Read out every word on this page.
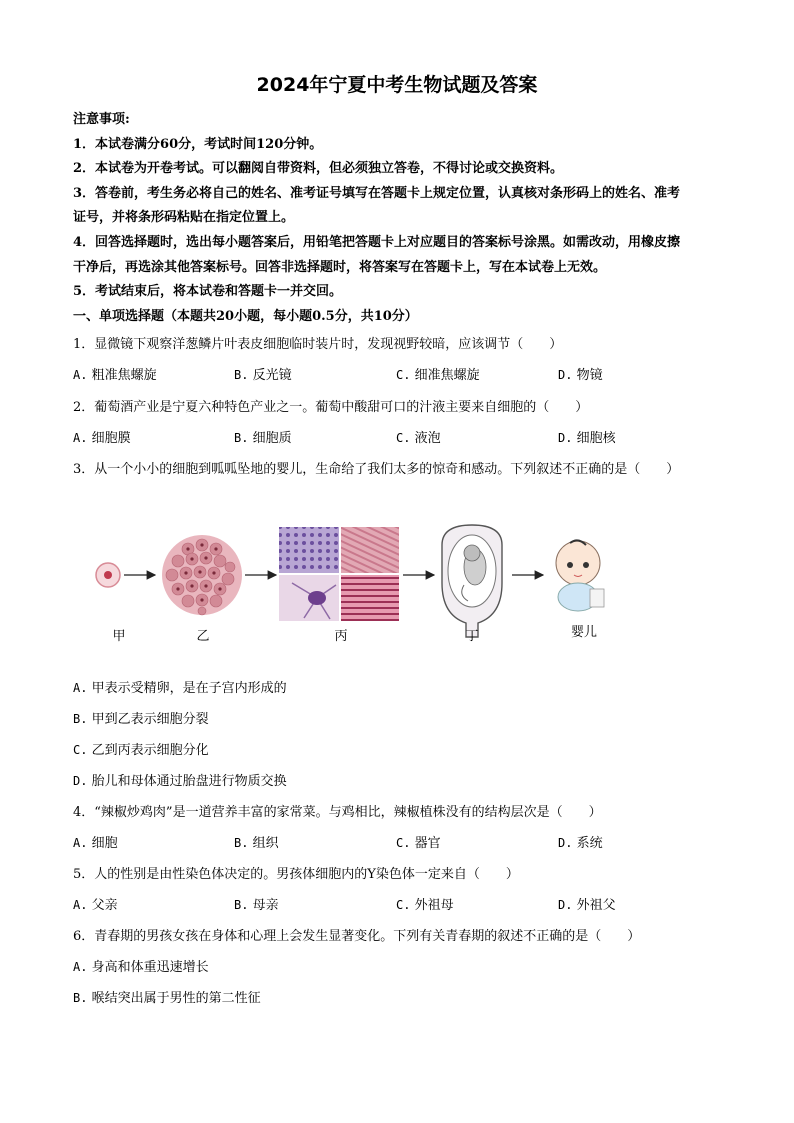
2024年宁夏中考生物试题及答案
注意事项:
1．本试卷满分60分，考试时间120分钟。
2．本试卷为开卷考试。可以翻阅自带资料，但必须独立答卷，不得讨论或交换资料。
3．答卷前，考生务必将自己的姓名、准考证号填写在答题卡上规定位置，认真核对条形码上的姓名、准考
证号，并将条形码粘贴在指定位置上。
4．回答选择题时，选出每小题答案后，用铅笔把答题卡上对应题目的答案标号涂黑。如需改动，用橡皮擦
干净后，再选涂其他答案标号。回答非选择题时，将答案写在答题卡上，写在本试卷上无效。
5．考试结束后，将本试卷和答题卡一并交回。
一、单项选择题（本题共20小题，每小题0.5分，共10分）
1．显微镜下观察洋葱鳞片叶表皮细胞临时装片时，发现视野较暗，应该调节（　　）
A. 粗准焦螺旋	B. 反光镜	C. 细准焦螺旋	D. 物镜
2．葡萄酒产业是宁夏六种特色产业之一。葡萄中酸甜可口的汁液主要来自细胞的（　　）
A. 细胞膜	B. 细胞质	C. 液泡	D. 细胞核
3．从一个小小的细胞到呱呱坠地的婴儿，生命给了我们太多的惊奇和感动。下列叙述不正确的是（　　）
甲	乙	丙	丁	婴儿
A. 甲表示受精卵，是在子宫内形成的
B. 甲到乙表示细胞分裂
C. 乙到丙表示细胞分化
D. 胎儿和母体通过胎盘进行物质交换
4．“辣椒炒鸡肉”是一道营养丰富的家常菜。与鸡相比，辣椒植株没有的结构层次是（　　）
A. 细胞	B. 组织	C. 器官	D. 系统
5．人的性别是由性染色体决定的。男孩体细胞内的Y染色体一定来自（　　）
A. 父亲	B. 母亲	C. 外祖母	D. 外祖父
6．青春期的男孩女孩在身体和心理上会发生显著变化。下列有关青春期的叙述不正确的是（　　）
A. 身高和体重迅速增长
B. 喉结突出属于男性的第二性征
